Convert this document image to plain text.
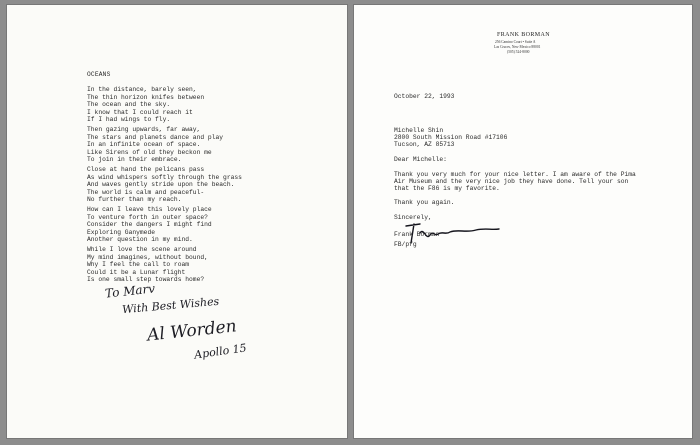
OCEANS
In the distance, barely seen,
The thin horizon knifes between
The ocean and the sky.
I know that I could reach it
If I had wings to fly.
Then gazing upwards, far away,
The stars and planets dance and play
In an infinite ocean of space.
Like Sirens of old they beckon me
To join in their embrace.
Close at hand the pelicans pass
As wind whispers softly through the grass
And waves gently stride upon the beach.
The world is calm and peaceful-
No further than my reach.
How can I leave this lovely place
To venture forth in outer space?
Consider the dangers I might find
Exploring Ganymede
Another question in my mind.
While I love the scene around
My mind imagines, without bound,
Why I feel the call to roam
Could it be a Lunar flight
Is one small step towards home?
To Marv
With Best Wishes
Al Worden
Apollo 15
FRANK BORMAN
256 Camino Court • Suite A
Las Cruces, New Mexico 88001
(505) 524-8000
October 22, 1993
Michelle Shin
2800 South Mission Road #17106
Tucson, AZ 85713
Dear Michelle:
Thank you very much for your nice letter. I am aware of the Pima
Air Museum and the very nice job they have done. Tell your son
that the F86 is my favorite.
Thank you again.
Sincerely,
Frank Borman
FB/pfg
